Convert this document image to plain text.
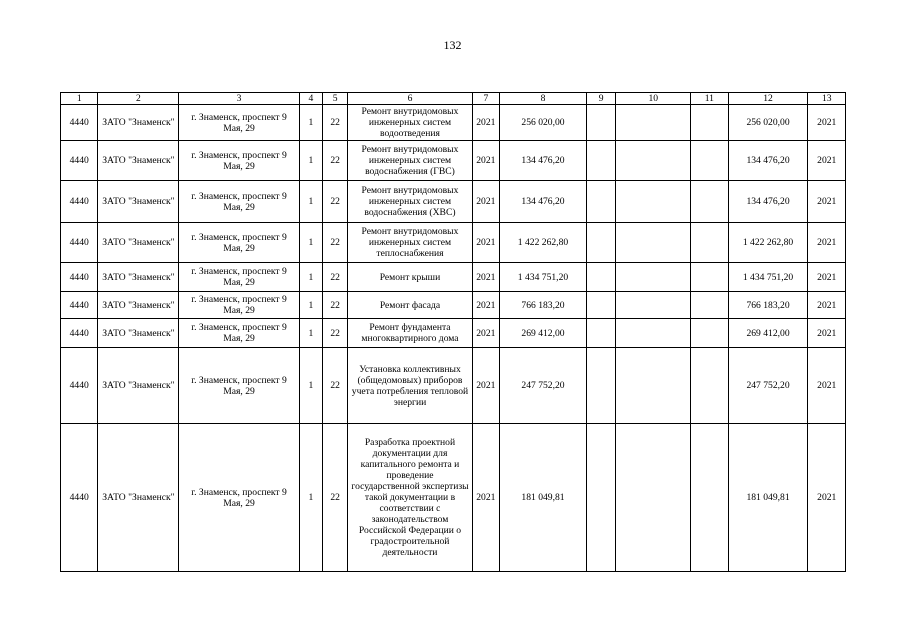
132
1	2	3	4	5	6	7	8	9	10	11	12	13
4440	ЗАТО "Знаменск"	г. Знаменск, проспект 9 Мая, 29	1	22	Ремонт внутридомовых инженерных систем водоотведения	2021	256 020,00				256 020,00	2021
4440	ЗАТО "Знаменск"	г. Знаменск, проспект 9 Мая, 29	1	22	Ремонт внутридомовых инженерных систем водоснабжения (ГВС)	2021	134 476,20				134 476,20	2021
4440	ЗАТО "Знаменск"	г. Знаменск, проспект 9 Мая, 29	1	22	Ремонт внутридомовых инженерных систем водоснабжения (ХВС)	2021	134 476,20				134 476,20	2021
4440	ЗАТО "Знаменск"	г. Знаменск, проспект 9 Мая, 29	1	22	Ремонт внутридомовых инженерных систем теплоснабжения	2021	1 422 262,80				1 422 262,80	2021
4440	ЗАТО "Знаменск"	г. Знаменск, проспект 9 Мая, 29	1	22	Ремонт крыши	2021	1 434 751,20				1 434 751,20	2021
4440	ЗАТО "Знаменск"	г. Знаменск, проспект 9 Мая, 29	1	22	Ремонт фасада	2021	766 183,20				766 183,20	2021
4440	ЗАТО "Знаменск"	г. Знаменск, проспект 9 Мая, 29	1	22	Ремонт фундамента многоквартирного дома	2021	269 412,00				269 412,00	2021
4440	ЗАТО "Знаменск"	г. Знаменск, проспект 9 Мая, 29	1	22	Установка коллективных (общедомовых) приборов учета потребления тепловой энергии	2021	247 752,20				247 752,20	2021
4440	ЗАТО "Знаменск"	г. Знаменск, проспект 9 Мая, 29	1	22	Разработка проектной документации для капитального ремонта и проведение государственной экспертизы такой документации в соответствии с законодательством Российской Федерации о градостроительной деятельности	2021	181 049,81				181 049,81	2021
